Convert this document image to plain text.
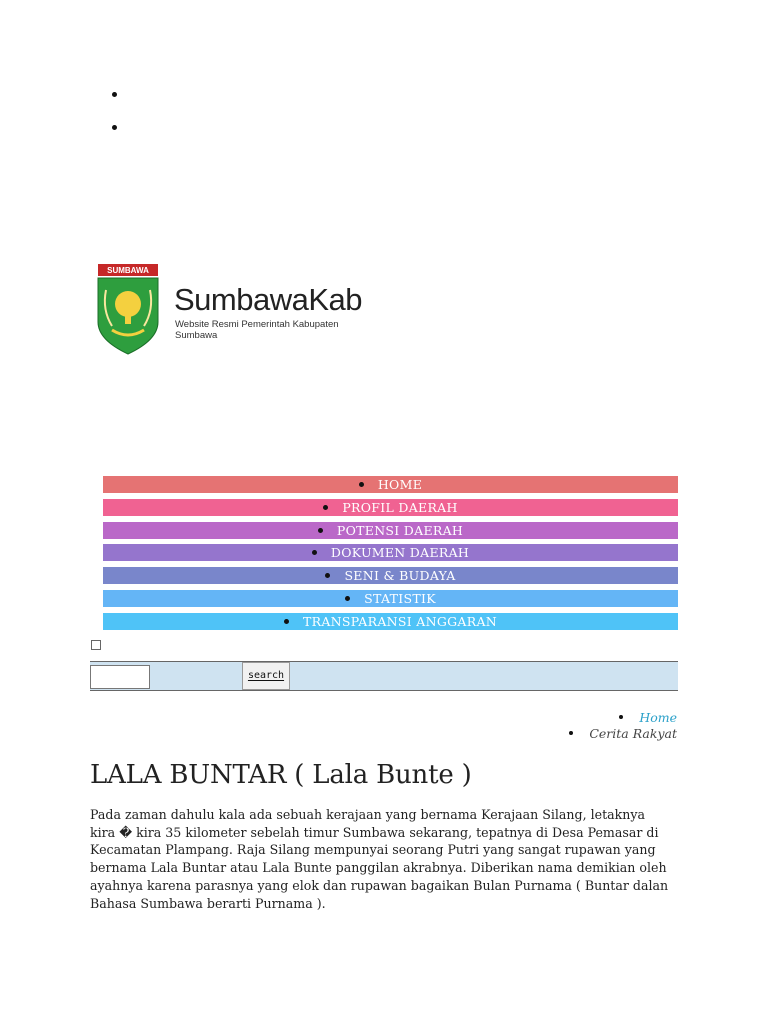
SUMBAWA
SumbawaKab
Website Resmi Pemerintah Kabupaten Sumbawa
HOME
PROFIL DAERAH
POTENSI DAERAH
DOKUMEN DAERAH
SENI & BUDAYA
STATISTIK
TRANSPARANSI ANGGARAN
search
Home
Cerita Rakyat
LALA BUNTAR ( Lala Bunte )
Pada zaman dahulu kala ada sebuah kerajaan yang bernama Kerajaan Silang, letaknya kira � kira 35 kilometer sebelah timur Sumbawa sekarang, tepatnya di Desa Pemasar di Kecamatan Plampang. Raja Silang mempunyai seorang Putri yang sangat rupawan yang bernama Lala Buntar atau Lala Bunte panggilan akrabnya. Diberikan nama demikian oleh ayahnya karena parasnya yang elok dan rupawan bagaikan Bulan Purnama ( Buntar dalan
Bahasa Sumbawa berarti Purnama ).
